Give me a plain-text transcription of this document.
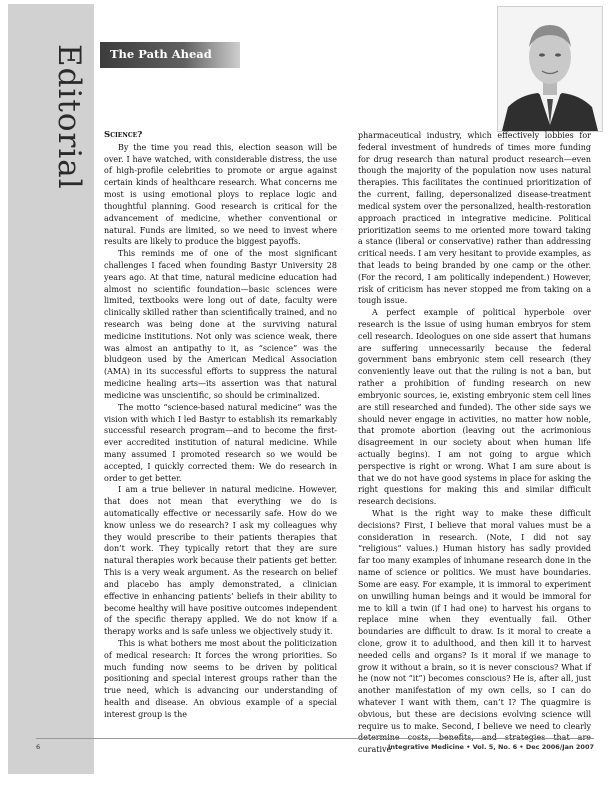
Editorial The Path Ahead

Science?

By the time you read this, election season will be over. I have watched, with considerable distress, the use of high-profile celebrities to promote or argue against certain kinds of healthcare research. What concerns me most is using emotional ploys to replace logic and thoughtful planning. Good research is critical for the advancement of medicine, whether conventional or natural. Funds are limited, so we need to invest where results are likely to produce the biggest payoffs.

This reminds me of one of the most significant challenges I faced when founding Bastyr University 28 years ago. At that time, natural medicine education had almost no scientific foundation—basic sciences were limited, textbooks were long out of date, faculty were clinically skilled rather than scientifically trained, and no research was being done at the surviving natural medicine institutions. Not only was science weak, there was almost an antipathy to it, as “science” was the bludgeon used by the American Medical Association (AMA) in its successful efforts to suppress the natural medicine healing arts—its assertion was that natural medicine was unscientific, so should be criminalized.

The motto “science-based natural medicine” was the vision with which I led Bastyr to establish its remarkably successful research program—and to become the first-ever accredited institution of natural medicine. While many assumed I promoted research so we would be accepted, I quickly corrected them: We do research in order to get better.

I am a true believer in natural medicine. However, that does not mean that everything we do is automatically effective or necessarily safe. How do we know unless we do research? I ask my colleagues why they would prescribe to their patients therapies that don’t work. They typically retort that they are sure natural therapies work because their patients get better. This is a very weak argument. As the research on belief and placebo has amply demonstrated, a clinician effective in enhancing patients’ beliefs in their ability to become healthy will have positive outcomes independent of the specific therapy applied. We do not know if a therapy works and is safe unless we objectively study it.

This is what bothers me most about the politicization of medical research: It forces the wrong priorities. So much funding now seems to be driven by political positioning and special interest groups rather than the true need, which is advancing our understanding of health and disease. An obvious example of a special interest group is the

pharmaceutical industry, which effectively lobbies for federal investment of hundreds of times more funding for drug research than natural product research—even though the majority of the population now uses natural therapies. This facilitates the continued prioritization of the current, failing, depersonalized disease-treatment medical system over the personalized, health-restoration approach practiced in integrative medicine. Political prioritization seems to me oriented more toward taking a stance (liberal or conservative) rather than addressing critical needs. I am very hesitant to provide examples, as that leads to being branded by one camp or the other. (For the record, I am politically independent.) However, risk of criticism has never stopped me from taking on a tough issue.

A perfect example of political hyperbole over research is the issue of using human embryos for stem cell research. Ideologues on one side assert that humans are suffering unnecessarily because the federal government bans embryonic stem cell research (they conveniently leave out that the ruling is not a ban, but rather a prohibition of funding research on new embryonic sources, ie, existing embryonic stem cell lines are still researched and funded). The other side says we should never engage in activities, no matter how noble, that promote abortion (leaving out the acrimonious disagreement in our society about when human life actually begins). I am not going to argue which perspective is right or wrong. What I am sure about is that we do not have good systems in place for asking the right questions for making this and similar difficult research decisions.

What is the right way to make these difficult decisions? First, I believe that moral values must be a consideration in research. (Note, I did not say “religious” values.) Human history has sadly provided far too many examples of inhumane research done in the name of science or politics. We must have boundaries. Some are easy. For example, it is immoral to experiment on unwilling human beings and it would be immoral for me to kill a twin (if I had one) to harvest his organs to replace mine when they eventually fail. Other boundaries are difficult to draw. Is it moral to create a clone, grow it to adulthood, and then kill it to harvest needed cells and organs? Is it moral if we manage to grow it without a brain, so it is never conscious? What if he (now not “it”) becomes conscious? He is, after all, just another manifestation of my own cells, so I can do whatever I want with them, can’t I? The quagmire is obvious, but these are decisions evolving science will require us to make. Second, I believe we need to clearly determine costs, benefits, and strategies that are curative

6	Integrative Medicine • Vol. 5, No. 6 • Dec 2006/Jan 2007
